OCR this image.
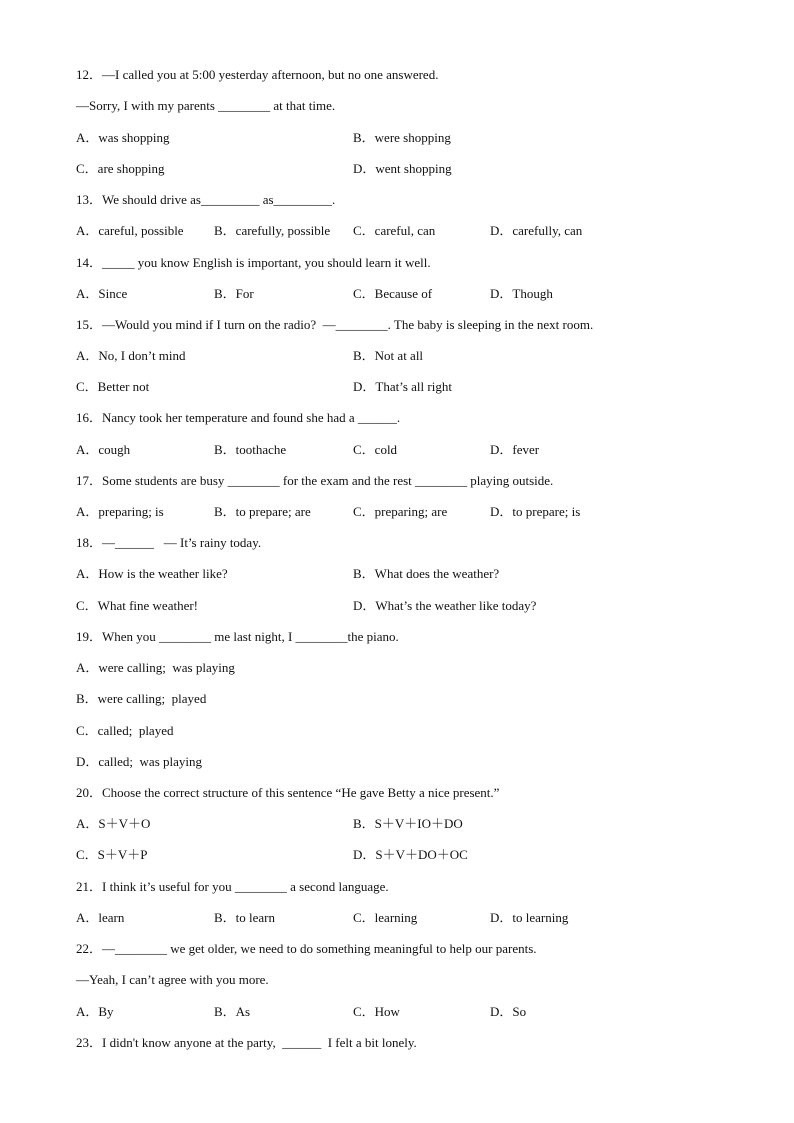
12．—I called you at 5:00 yesterday afternoon, but no one answered.
—Sorry, I with my parents ________ at that time.
A．was shopping	B．were shopping
C．are shopping	D．went shopping
13．We should drive as_________ as_________.
A．careful, possible B．carefully, possible C．careful, can	D．carefully, can
14．_____ you know English is important, you should learn it well.
A．Since	B．For	C．Because of	D．Though
15．—Would you mind if I turn on the radio?  —________. The baby is sleeping in the next room.
A．No, I don’t mind	B．Not at all
C．Better not	D．That’s all right
16．Nancy took her temperature and found she had a ______.
A．cough	B．toothache	C．cold	D．fever
17．Some students are busy ________ for the exam and the rest ________ playing outside.
A．preparing; is	B．to prepare; are	C．preparing; are	D．to prepare; is
18．—______   — It’s rainy today.
A．How is the weather like?	B．What does the weather?
C．What fine weather!	D．What’s the weather like today?
19．When you ________ me last night, I ________the piano.
A．were calling;  was playing
B．were calling;  played
C．called;  played
D．called;  was playing
20．Choose the correct structure of this sentence “He gave Betty a nice present.”
A．S＋V＋O	B．S＋V＋IO＋DO
C．S＋V＋P	D．S＋V＋DO＋OC
21．I think it’s useful for you ________ a second language.
A．learn	B．to learn	C．learning	D．to learning
22．—________ we get older, we need to do something meaningful to help our parents.
—Yeah, I can’t agree with you more.
A．By	B．As	C．How	D．So
23．I didn't know anyone at the party,  ______  I felt a bit lonely.
